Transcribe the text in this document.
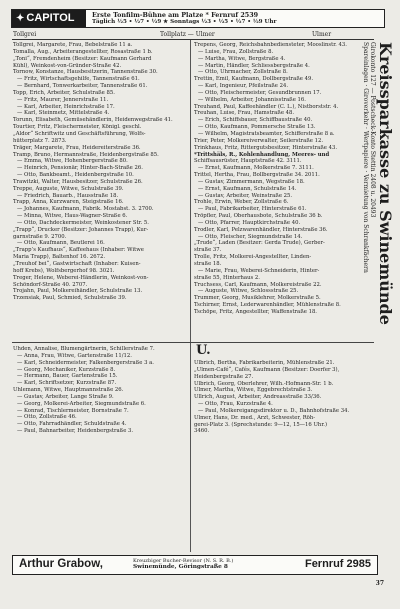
✦ CAPITOL	Erste Tonfilm-Bühne am Platze * Fernruf 2539
Täglich ½5 • ½7 • ½9 ★ Sonntags ½3 • ½5 • ½7 • ½9 Uhr
Tollgrei	Tollplatz — Ulmer	Ulmer
Tollgrei, Margarete, Frau, Bebelstraße 11 a.
Tomalla, Aug., Arbeiterangestellter, Rosastraße 1 b.
„Toni“, Fremdenheim (Besitzer: Kaufmann Gerhard
Kühl), Weinkost-von-Gründer-Straße 42.
Tornow, Konstanze, Hausbesitzerin, Tannenstraße 30.
— Fritz, Wirtschaftsgehilfe, Tannenstraße 61.
— Bernhard, Tonwerkarbeiter, Tannenstraße 61.
Topp, Erich, Arbeiter, Schulstraße 85.
— Fritz, Maurer, Jennerstraße 11.
— Karl, Arbeiter, Heinrichstraße 17.
— Karl, Steinmetz, Mittelstraße 4.
Torunn, Elisabeth, Gemüsehändlerin, Heidenwegstraße 41.
Tourtier, Fritz, Fleischermeister, Königl. geschl.
„Aldor“ Schriftwitz und Geschäftsführung, Wolfs-
hütterplatz 7. 2873.
Träger, Margarete, Frau, Heidereiterstraße 36.
Tramp, Bruno, Hermannstraße, Heidenbergstraße 85.
— Emma, Witwe, Hohenbergerstraße 80.
— Heinrich, Pensionär, Hinter-Bach-Straße 26.
— Otto, Bankbeamt., Heidenbergstraße 10.
Trawitzki, Walter, Hausbesitzer, Schulstraße 26.
Treppe, Auguste, Witwe, Schulstraße 39.
— Friedrich, Bauarb., Hausstraße 18.
Trapp, Anna, Kurzwaren, Steigstraße 16.
— Johannes, Kaufmann, Fabrik. Mostabst. 3. 2700.
— Minna, Witwe, Haus-Wagner-Straße 6.
— Otto, Dachdeckermeister, Weinkostener Str. 5.
„Trapp“, Drucker (Besitzer: Johannes Trapp), Kur-
garnstraße 9. 2700.
— Otto, Kaufmann, Beutlerei 16.
„Trapp’s Kaufhaus“, Kaffeehaus (Inhaber: Witwe
Maria Trapp), Baltenhof 16. 2672.
„Treuhof bei“, Gastwirtschaft (Inhaber: Kuisen-
hoff Krebs), Wolfsbergerhof 98. 3021.
Treger, Helene, Weberei-Händlerin, Weinkost-von-
Schöndorf-Straße 40. 2707.
Trojahn, Paul, Molkereihändler, Schulstraße 13.
Trzensiak, Paul, Schmied, Schulstraße 39.
Trepens, Georg, Reichsbahnbediensteter, Mooslinstr. 43.
— Luise, Frau, Zollstraße 8.
— Martha, Witwe, Bergstraße 4.
— Martin, Händler, Schliessbergstraße 4.
— Otto, Uhrmacher, Zollstraße 8.
Trettin, Emil, Kaufmann, Dollbergstraße 49.
— Karl, Ingenieur, Pfeilstraße 24.
— Otto, Fleischermeister, Gesundbrunnen 17.
— Wilhelm, Arbeiter, Johannisstraße 16.
Treuhand, Paul, Kaffeehändler (C. L.), Nistborststr. 4.
Treuhan, Luise, Frau, Hamstraße 48.
— Erich, Schiffsbauer, Schiffbaustraße 40.
— Otto, Kaufmann, Pommersche Straße 13.
— Wilhelm, Magistratsbeamter, Schifferstraße 8 a.
Trier, Peter, Molkereiverwalter, Seilerstraße 12.
Trinkhaus, Fritz, Rittergutsbesitzer, Hinterstraße 43.
*Trittshäls, R., Kohlenhandlung, Meeres- und
Schiffsausrüster, Hauptstraße 42. 3111.
— Ernst, Kaufmann, Molkerstraße 7. 3111.
Trittel, Hertha, Frau, Bollbergstraße 34. 2011.
— Gustav, Zimmermann, Wegstraße 18.
— Ernst, Kaufmann, Schulstraße 14.
— Gustav, Arbeiter, Weinstraße 25.
Trohle, Erwin, Weber, Zollstraße 6.
— Paul, Fabrikarbeiter, Hinterstraße 61.
Tröpfler, Paul, Oberhausbote, Schulstraße 36 b.
— Otto, Pfarrer, Hauptkirchstraße 40.
Trodler, Karl, Pelzwarenhändler, Hinterstraße 36.
— Otto, Fleischer, Siegmundstraße 14.
„Trude“, Laden (Besitzer: Gerda Trude), Gerber-
straße 37.
Trolle, Fritz, Molkerei-Angestellter, Linden-
straße 18.
— Marie, Frau, Weberei-Schneiderin, Hinter-
straße 55, Hinterhaus 2.
Truchsess, Carl, Kaufmann, Molkereistraße 22.
— Auguste, Witwe, Schlossstraße 25.
Trummer, Georg, Musiklehrer, Molkerstraße 5.
Tschirner, Ernst, Lederwarenhändler, Mühlenstraße 8.
Tschöpe, Fritz, Angestellter, Waffenstraße 18.
U.
Uhden, Annalise, Blumengärtnerin, Schillerstraße 7.
— Anna, Frau, Witwe, Gartenstraße 11/12.
— Karl, Schneidermeister, Falkenbergerstraße 3 a.
— Georg, Mechaniker, Kurzstraße 8.
— Hermann, Bauer, Gartenstraße 15.
— Karl, Schriftsetzer, Kurzstraße 87.
Uhlemann, Witwe, Hauptmannstraße 26.
— Gustav, Arbeiter, Lange Straße 9.
— Georg, Molkerei-Arbeiter, Siegmundstraße 6.
— Konrad, Tischlermeister, Bornstraße 7.
— Otto, Zollstraße 46.
— Otto, Fahrradhändler, Schuldstraße 4.
— Paul, Bahnarbeiter, Heidenbergstraße 3.
Ulbrich, Bertha, Fabrikarbeiterin, Mühlenstraße 21.
„Ulmen-Café“, Cafés, Kaufmann (Besitzer: Doerfer 3),
Heidenbergstraße 27.
Ulbrich, Georg, Oberlehrer, Wilh.-Hofmann-Str. 1 b.
Ulmer, Martha, Witwe, Eggebrechtstraße 3.
Ullrich, August, Arbeiter, Andreasstraße 33/36.
— Otto, Frau, Kurzstraße 4.
— Paul, Molkereigangsdirektor u. D., Bahnhofstraße 34.
Ulmer, Hans, Dr. med., Arzt, Schwester, Röh-
gerei-Platz 3. (Sprechstunde: 9—12, 15—16 Uhr.)
3460.
Kreissparkasse zu Swinemünde
Girokonto 127 — Postscheck-Konto Stettin 2408 u. 20493
Spareinlagen · Giroverkehr · Wertpapiere · Vermietung von Schrankfächern
Arthur Grabow,	Kreuzbiger Bucher-Revisor (N. S. R. B.)
Swinemünde, Göringstraße 8	Fernruf 2985
37
